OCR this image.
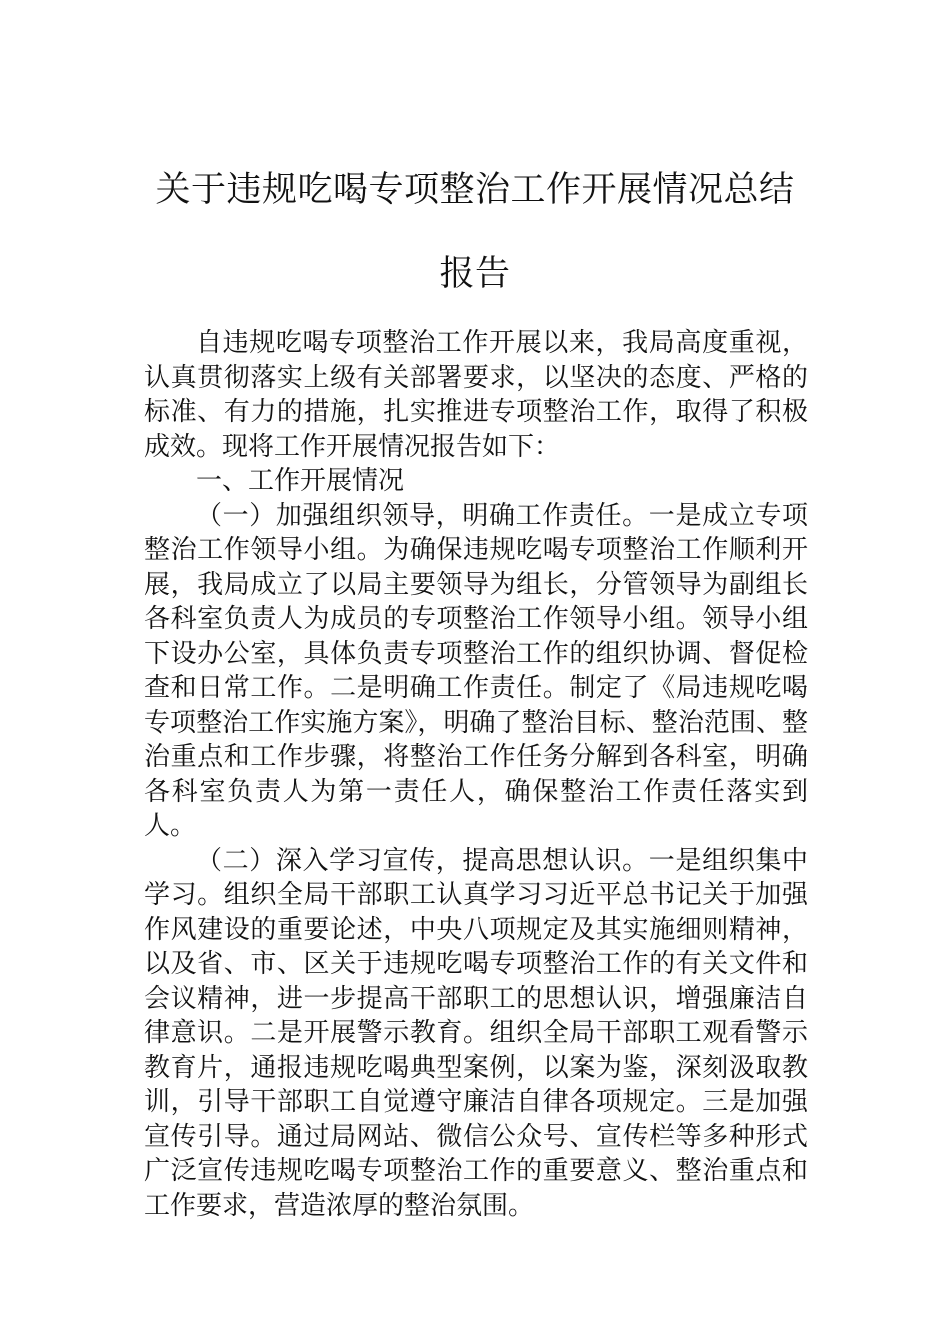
关于违规吃喝专项整治工作开展情况总结报告

自违规吃喝专项整治工作开展以来，我局高度重视，认真贯彻落实上级有关部署要求，以坚决的态度、严格的标准、有力的措施，扎实推进专项整治工作，取得了积极成效。现将工作开展情况报告如下：

一、工作开展情况

（一）加强组织领导，明确工作责任。一是成立专项整治工作领导小组。为确保违规吃喝专项整治工作顺利开展，我局成立了以局主要领导为组长，分管领导为副组长各科室负责人为成员的专项整治工作领导小组。领导小组下设办公室，具体负责专项整治工作的组织协调、督促检查和日常工作。二是明确工作责任。制定了《局违规吃喝专项整治工作实施方案》，明确了整治目标、整治范围、整治重点和工作步骤，将整治工作任务分解到各科室，明确各科室负责人为第一责任人，确保整治工作责任落实到人。

（二）深入学习宣传，提高思想认识。一是组织集中学习。组织全局干部职工认真学习习近平总书记关于加强作风建设的重要论述，中央八项规定及其实施细则精神，以及省、市、区关于违规吃喝专项整治工作的有关文件和会议精神，进一步提高干部职工的思想认识，增强廉洁自律意识。二是开展警示教育。组织全局干部职工观看警示教育片，通报违规吃喝典型案例，以案为鉴，深刻汲取教训，引导干部职工自觉遵守廉洁自律各项规定。三是加强宣传引导。通过局网站、微信公众号、宣传栏等多种形式广泛宣传违规吃喝专项整治工作的重要意义、整治重点和工作要求，营造浓厚的整治氛围。
